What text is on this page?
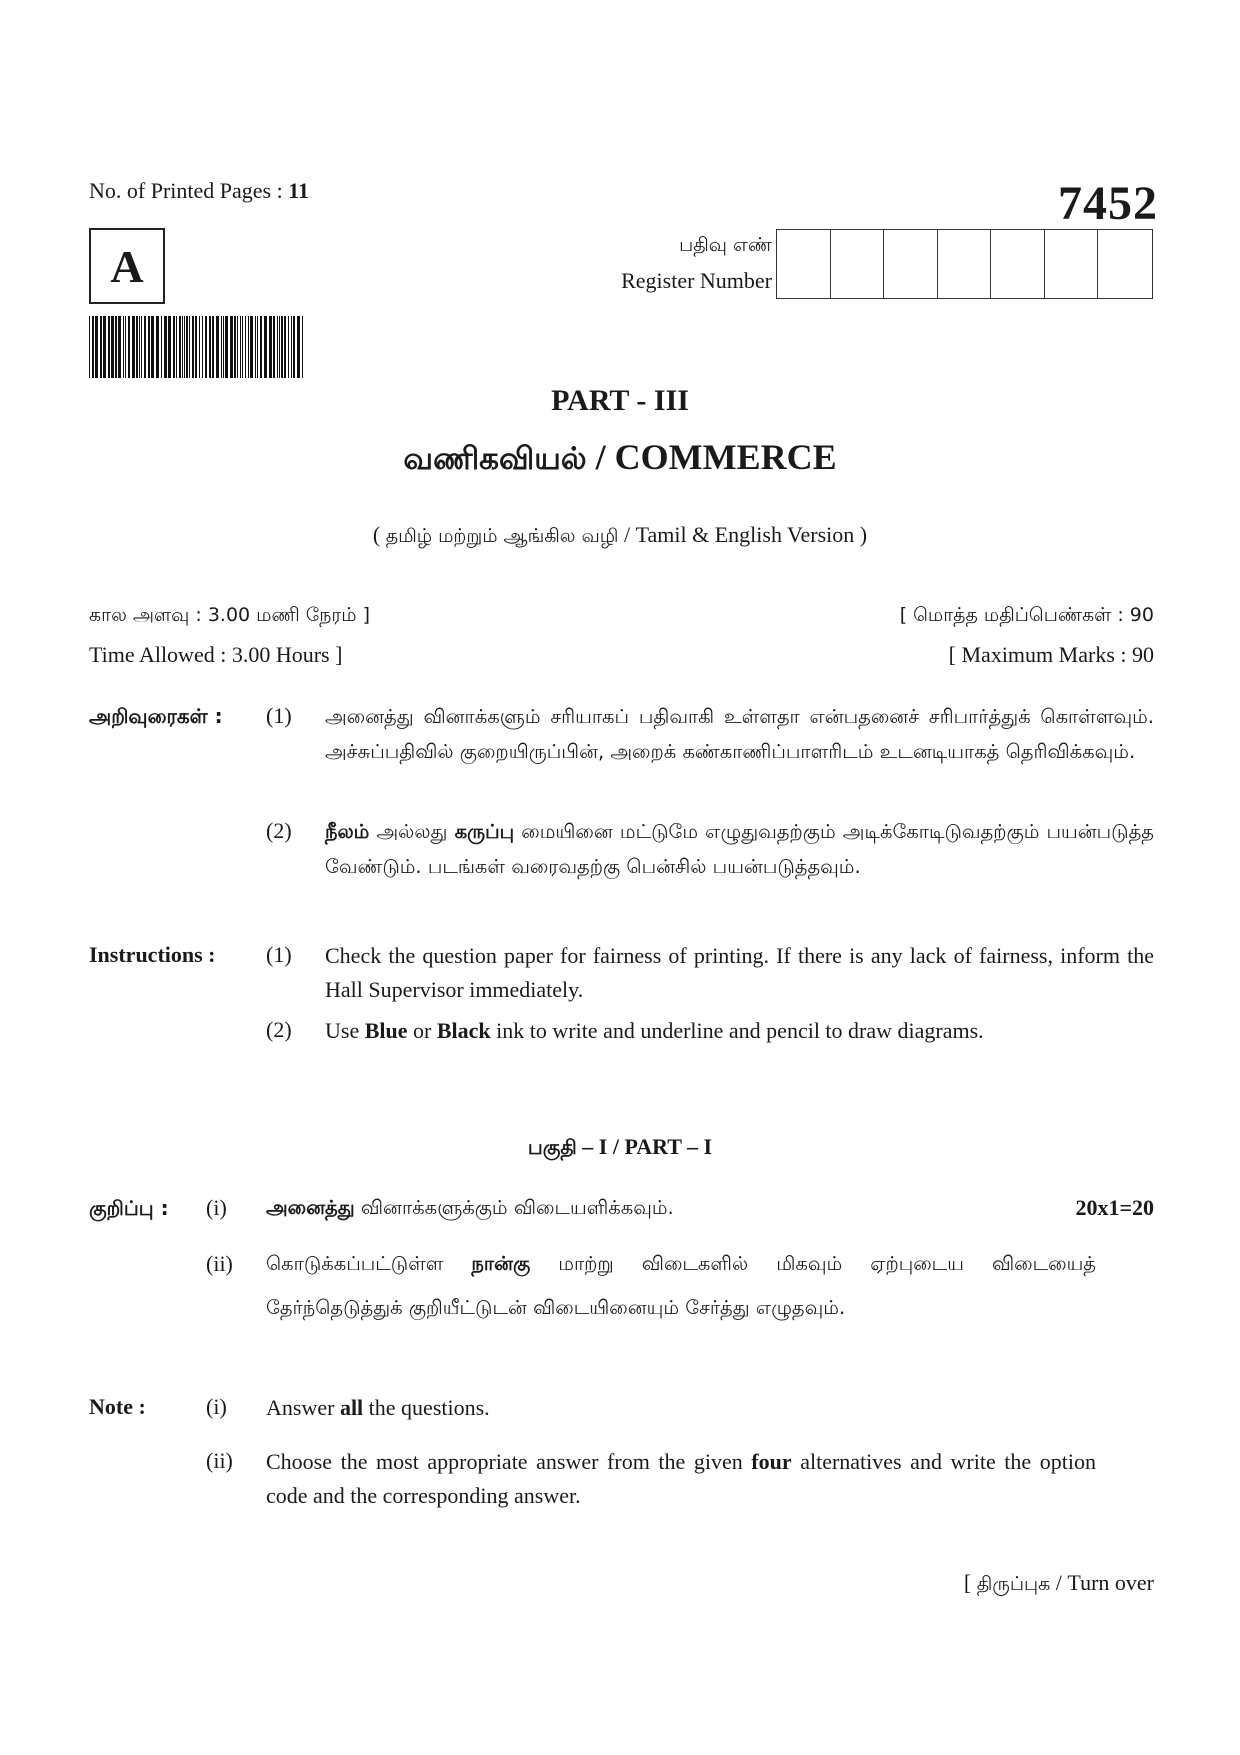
No. of Printed Pages : 11	7452
A	பதிவு எண்
Register Number
PART - III
வணிகவியல் / COMMERCE
( தமிழ் மற்றும் ஆங்கில வழி / Tamil & English Version )
கால அளவு : 3.00 மணி நேரம் ]	[ மொத்த மதிப்பெண்கள் : 90
Time Allowed : 3.00 Hours ]	[ Maximum Marks : 90
அறிவுரைகள் : (1) அனைத்து வினாக்களும் சரியாகப் பதிவாகி உள்ளதா என்பதனைச் சரிபார்த்துக் கொள்ளவும். அச்சுப்பதிவில் குறையிருப்பின், அறைக் கண்காணிப்பாளரிடம் உடனடியாகத் தெரிவிக்கவும்.
(2) நீலம் அல்லது கருப்பு மையினை மட்டுமே எழுதுவதற்கும் அடிக்கோடிடுவதற்கும் பயன்படுத்த வேண்டும். படங்கள் வரைவதற்கு பென்சில் பயன்படுத்தவும்.
Instructions : (1) Check the question paper for fairness of printing. If there is any lack of fairness, inform the Hall Supervisor immediately.
(2) Use Blue or Black ink to write and underline and pencil to draw diagrams.
பகுதி – I / PART – I
குறிப்பு : (i) அனைத்து வினாக்களுக்கும் விடையளிக்கவும்.	20x1=20
(ii) கொடுக்கப்பட்டுள்ள நான்கு மாற்று விடைகளில் மிகவும் ஏற்புடைய விடையைத் தேர்ந்தெடுத்துக் குறியீட்டுடன் விடையினையும் சேர்த்து எழுதவும்.
Note :	(i) Answer all the questions.
(ii) Choose the most appropriate answer from the given four alternatives and write the option code and the corresponding answer.
[ திருப்புக / Turn over
